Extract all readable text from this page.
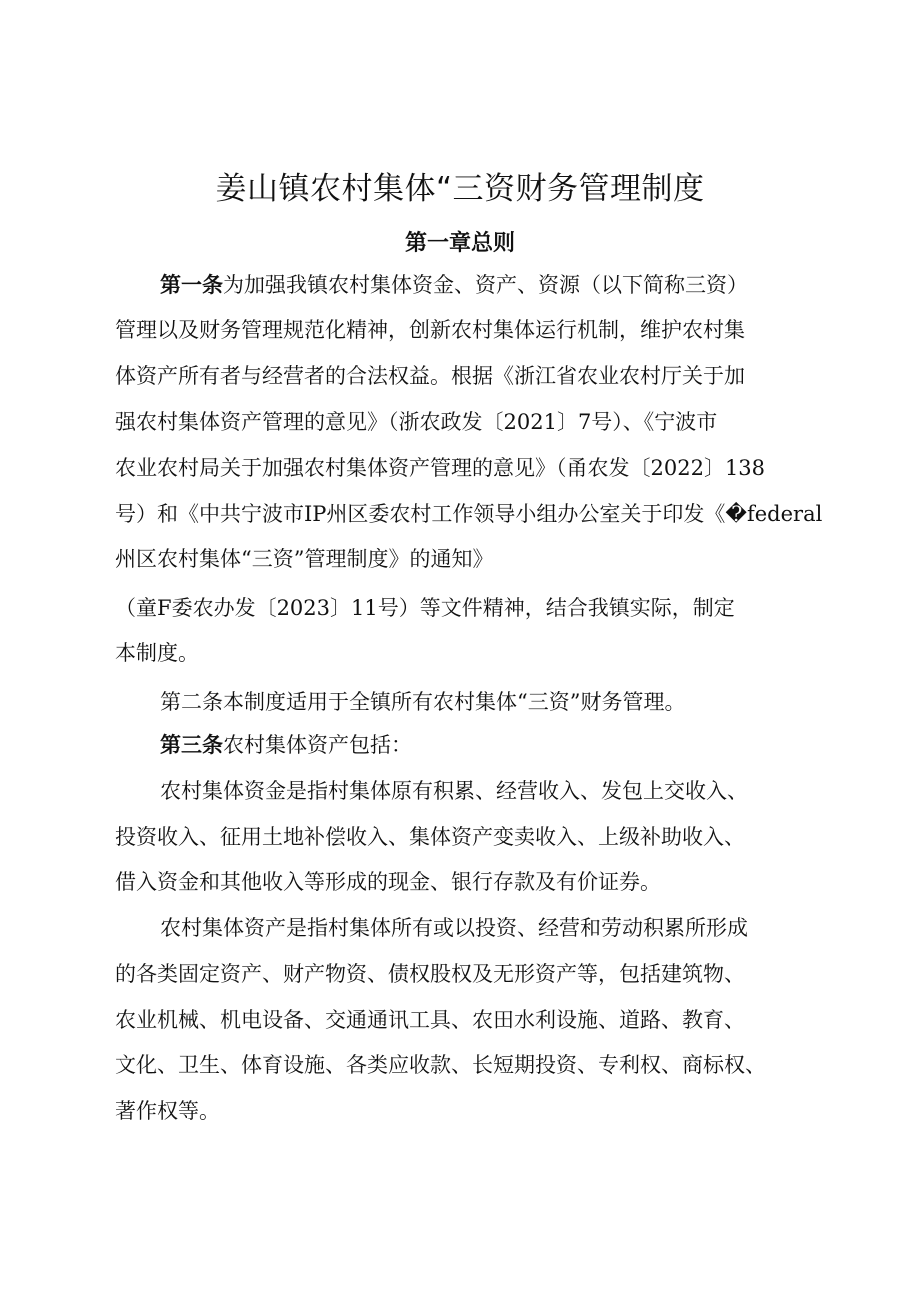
姜山镇农村集体“三资财务管理制度
第一章总则
第一条为加强我镇农村集体资金、资产、资源（以下简称三资）
管理以及财务管理规范化精神，创新农村集体运行机制，维护农村集
体资产所有者与经营者的合法权益。根据《浙江省农业农村厅关于加
强农村集体资产管理的意见》（浙农政发〔2021〕7号）、《宁波市
农业农村局关于加强农村集体资产管理的意见》（甬农发〔2022〕138
号）和《中共宁波市IP州区委农村工作领导小组办公室关于印发《�federal
州区农村集体“三资”管理制度》的通知》
（童F委农办发〔2023〕11号）等文件精神，结合我镇实际，制定
本制度。
第二条本制度适用于全镇所有农村集体“三资”财务管理。
第三条农村集体资产包括：
农村集体资金是指村集体原有积累、经营收入、发包上交收入、
投资收入、征用土地补偿收入、集体资产变卖收入、上级补助收入、
借入资金和其他收入等形成的现金、银行存款及有价证券。
农村集体资产是指村集体所有或以投资、经营和劳动积累所形成
的各类固定资产、财产物资、债权股权及无形资产等，包括建筑物、
农业机械、机电设备、交通通讯工具、农田水利设施、道路、教育、
文化、卫生、体育设施、各类应收款、长短期投资、专利权、商标权、
著作权等。
